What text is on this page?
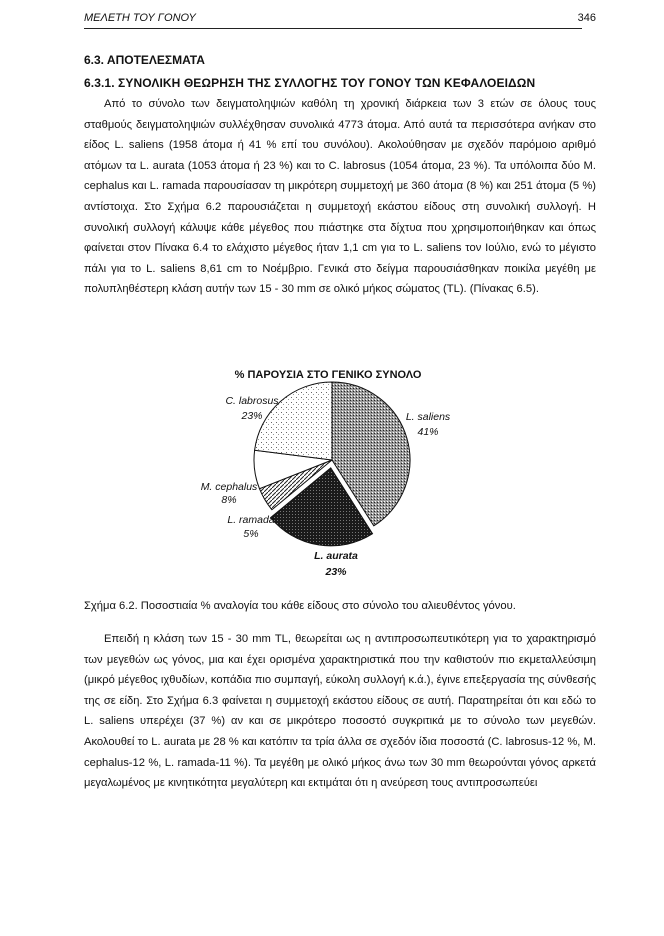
ΜΕΛΕΤΗ ΤΟΥ ΓΟΝΟΥ	346
6.3. ΑΠΟΤΕΛΕΣΜΑΤΑ
6.3.1. ΣΥΝΟΛΙΚΗ ΘΕΩΡΗΣΗ ΤΗΣ ΣΥΛΛΟΓΗΣ ΤΟΥ ΓΟΝΟΥ ΤΩΝ ΚΕΦΑΛΟΕΙΔΩΝ

Από το σύνολο των δειγματοληψιών καθόλη τη χρονική διάρκεια των 3 ετών σε όλους τους σταθμούς δειγματοληψιών συλλέχθησαν συνολικά 4773 άτομα. Από αυτά τα περισσότερα ανήκαν στο είδος L. saliens (1958 άτομα ή 41 % επί του συνόλου). Ακολούθησαν με σχεδόν παρόμοιο αριθμό ατόμων τα L. aurata (1053 άτομα ή 23 %) και το C. labrosus (1054 άτομα, 23 %). Τα υπόλοιπα δύο M. cephalus και L. ramada παρουσίασαν τη μικρότερη συμμετοχή με 360 άτομα (8 %) και 251 άτομα (5 %) αντίστοιχα. Στο Σχήμα 6.2 παρουσιάζεται η συμμετοχή εκάστου είδους στη συνολική συλλογή. Η συνολική συλλογή κάλυψε κάθε μέγεθος που πιάστηκε στα δίχτυα που χρησιμοποιήθηκαν και όπως φαίνεται στον Πίνακα 6.4 το ελάχιστο μέγεθος ήταν 1,1 cm για το L. saliens τον Ιούλιο, ενώ το μέγιστο πάλι για το L. saliens 8,61 cm το Νοέμβριο. Γενικά στο δείγμα παρουσιάσθηκαν ποικίλα μεγέθη με πολυπληθέστερη κλάση αυτήν των 15 - 30 mm σε ολικό μήκος σώματος (TL). (Πίνακας 6.5).

% ΠΑΡΟΥΣΙΑ ΣΤΟ ΓΕΝΙΚΟ ΣΥΝΟΛΟ
C. labrosus
23%	L. saliens
41%
M. cephalus
8%
L. ramada
5%
L. aurata
23%
Σχήμα 6.2. Ποσοστιαία % αναλογία του κάθε είδους στο σύνολο του αλιευθέντος γόνου.

Επειδή η κλάση των 15 - 30 mm TL, θεωρείται ως η αντιπροσωπευτικότερη για το χαρακτηρισμό των μεγεθών ως γόνος, μια και έχει ορισμένα χαρακτηριστικά που την καθιστούν πιο εκμεταλλεύσιμη (μικρό μέγεθος ιχθυδίων, κοπάδια πιο συμπαγή, εύκολη συλλογή κ.ά.), έγινε επεξεργασία της σύνθεσής της σε είδη. Στο Σχήμα 6.3 φαίνεται η συμμετοχή εκάστου είδους σε αυτή. Παρατηρείται ότι και εδώ το L. saliens υπερέχει (37 %) αν και σε μικρότερο ποσοστό συγκριτικά με το σύνολο των μεγεθών. Ακολουθεί το L. aurata με 28 % και κατόπιν τα τρία άλλα σε σχεδόν ίδια ποσοστά (C. labrosus-12 %, M. cephalus-12 %, L. ramada-11 %). Τα μεγέθη με ολικό μήκος άνω των 30 mm θεωρούνται γόνος αρκετά μεγαλωμένος με κινητικότητα μεγαλύτερη και εκτιμάται ότι η ανεύρεση τους αντιπροσωπεύει
